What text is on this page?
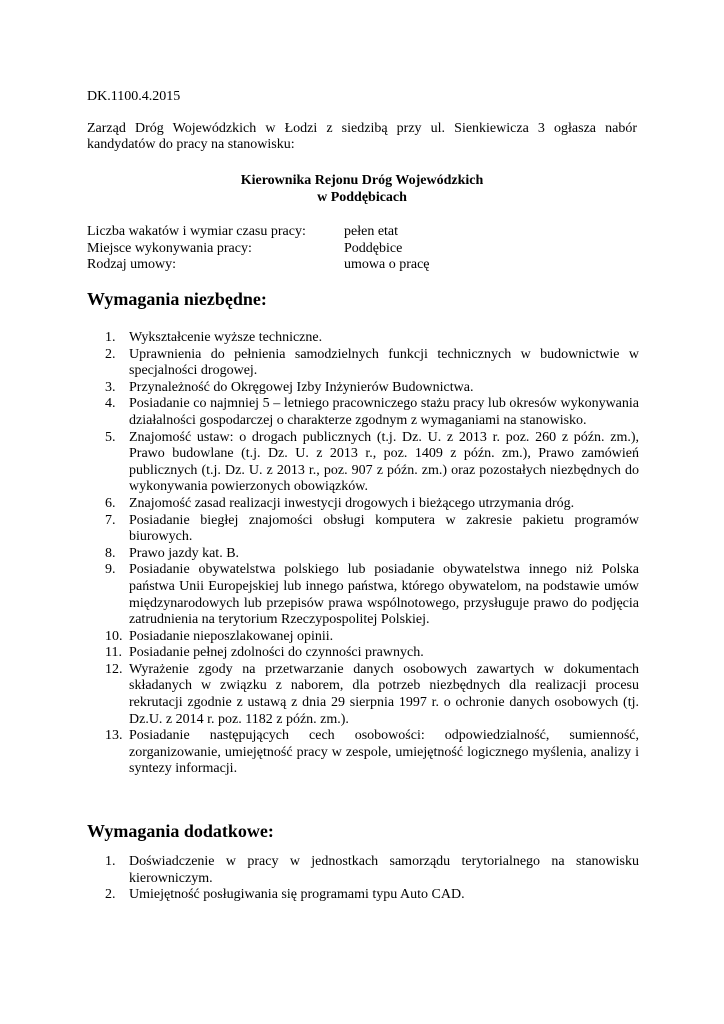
DK.1100.4.2015
Zarząd Dróg Wojewódzkich w Łodzi z siedzibą przy ul. Sienkiewicza 3 ogłasza nabór kandydatów do pracy na stanowisku:
Kierownika Rejonu Dróg Wojewódzkich
w Poddębicach
Liczba wakatów i wymiar czasu pracy:	pełen etat
Miejsce wykonywania pracy:	Poddębice
Rodzaj umowy:	umowa o pracę
Wymagania niezbędne:
1. Wykształcenie wyższe techniczne.
2. Uprawnienia do pełnienia samodzielnych funkcji technicznych w budownictwie w specjalności drogowej.
3. Przynależność do Okręgowej Izby Inżynierów Budownictwa.
4. Posiadanie co najmniej 5 – letniego pracowniczego stażu pracy lub okresów wykonywania działalności gospodarczej o charakterze zgodnym z wymaganiami na stanowisko.
5. Znajomość ustaw: o drogach publicznych (t.j. Dz. U. z 2013 r. poz. 260 z późn. zm.), Prawo budowlane (t.j. Dz. U. z 2013 r., poz. 1409 z późn. zm.), Prawo zamówień publicznych (t.j. Dz. U. z 2013 r., poz. 907 z późn. zm.) oraz pozostałych niezbędnych do wykonywania powierzonych obowiązków.
6. Znajomość zasad realizacji inwestycji drogowych i bieżącego utrzymania dróg.
7. Posiadanie biegłej znajomości obsługi komputera w zakresie pakietu programów biurowych.
8. Prawo jazdy kat. B.
9. Posiadanie obywatelstwa polskiego lub posiadanie obywatelstwa innego niż Polska państwa Unii Europejskiej lub innego państwa, którego obywatelom, na podstawie umów międzynarodowych lub przepisów prawa wspólnotowego, przysługuje prawo do podjęcia zatrudnienia na terytorium Rzeczypospolitej Polskiej.
10. Posiadanie nieposzlakowanej opinii.
11. Posiadanie pełnej zdolności do czynności prawnych.
12. Wyrażenie zgody na przetwarzanie danych osobowych zawartych w dokumentach składanych w związku z naborem, dla potrzeb niezbędnych dla realizacji procesu rekrutacji zgodnie z ustawą z dnia 29 sierpnia 1997 r. o ochronie danych osobowych (tj. Dz.U. z 2014 r. poz. 1182 z późn. zm.).
13. Posiadanie następujących cech osobowości: odpowiedzialność, sumienność, zorganizowanie, umiejętność pracy w zespole, umiejętność logicznego myślenia, analizy i syntezy informacji.
Wymagania dodatkowe:
1. Doświadczenie w pracy w jednostkach samorządu terytorialnego na stanowisku kierowniczym.
2. Umiejętność posługiwania się programami typu Auto CAD.
